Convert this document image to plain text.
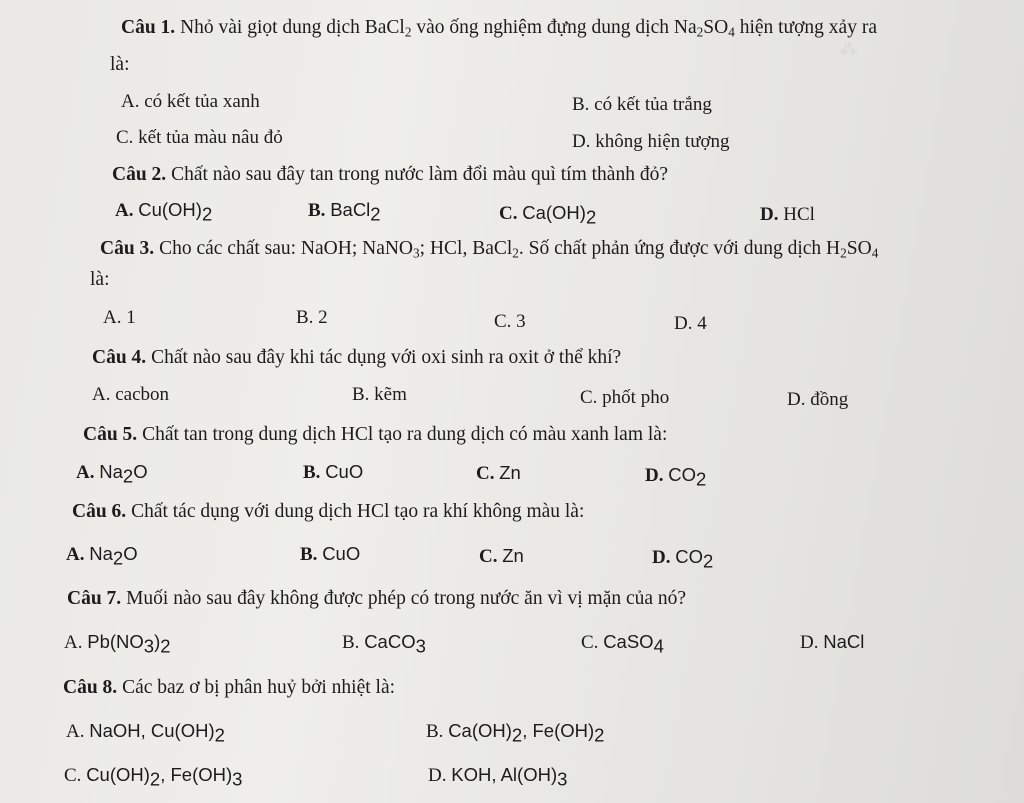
⁂
Câu 1. Nhỏ vài giọt dung dịch BaCl$_2$ vào ống nghiệm đựng dung dịch $Na_2SO_4$ hiện tượng xảy ra
là:
A. có kết tủa xanh	B. có kết tủa trắng
C. kết tủa màu nâu đỏ	D. không hiện tượng
Câu 2. Chất nào sau đây tan trong nước làm đổi màu quì tím thành đỏ?
A. $Cu(OH)_2$	B. BaCl$_2$	C. $Ca(OH)_2$	D. HCl
Câu 3. Cho các chất sau: NaOH; NaNO$_3$; HCl, BaCl$_2$. Số chất phản ứng được với dung dịch $H_2SO_4$
là:
A. 1	B. 2	C. 3	D. 4
Câu 4. Chất nào sau đây khi tác dụng với oxi sinh ra oxit ở thể khí?
A. cacbon	B. kẽm	C. phốt pho	D. đồng
Câu 5. Chất tan trong dung dịch HCl tạo ra dung dịch có màu xanh lam là:
A. $Na_2O$	B. CuO	C. Zn	D. $CO_2$
Câu 6. Chất tác dụng với dung dịch HCl tạo ra khí không màu là:
A. $Na_2O$	B. CuO	C. Zn	D. $CO_2$
Câu 7. Muối nào sau đây không được phép có trong nước ăn vì vị mặn của nó?
A. $Pb(NO_3)_2$	B. CaCO$_3$	C. CaSO$_4$	D. NaCl
Câu 8. Các baz ơ bị phân huỷ bởi nhiệt là:
A. NaOH, $Cu(OH)_2$	B. $Ca(OH)_2$, $Fe(OH)_2$
C. $Cu(OH)_2$, $Fe(OH)_3$	D. KOH, $Al(OH)_3$
